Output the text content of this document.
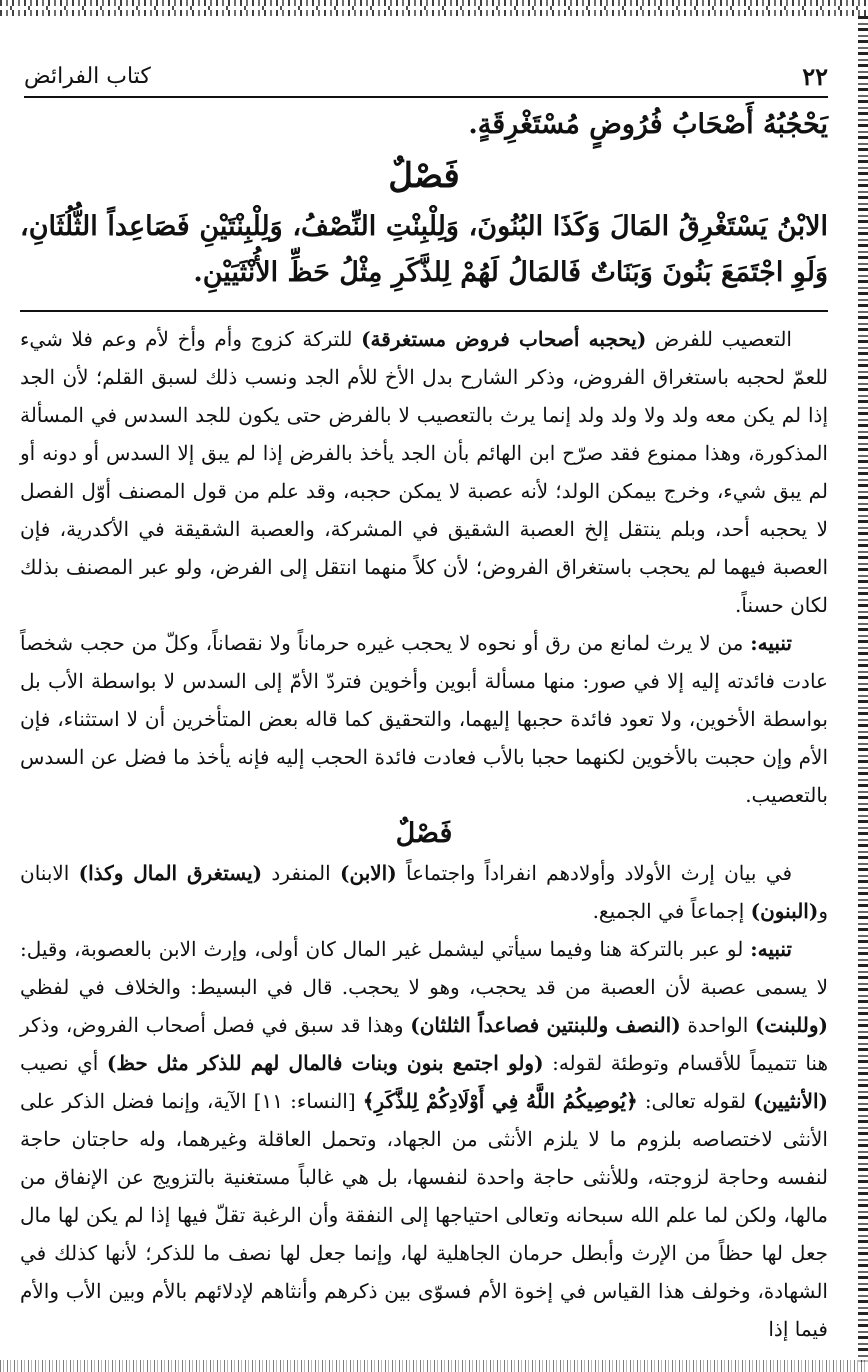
٢٢
كتاب الفرائض

يَحْجُبُهُ أَصْحَابُ فُرُوضٍ مُسْتَغْرِقَةٍ.

فَصْلٌ

الابْنُ يَسْتَغْرِقُ المَالَ وَكَذَا البُنُونَ، وَلِلْبِنْتِ النِّصْفُ، وَلِلْبِنْتَيْنِ فَصَاعِداً الثُّلُثَانِ، وَلَوِ اجْتَمَعَ بَنُونَ وَبَنَاتٌ فَالمَالُ لَهُمْ لِلذَّكَرِ مِثْلُ حَظِّ الأُنْثَيَيْنِ.

التعصيب للفرض (يحجبه أصحاب فروض مستغرقة) للتركة كزوج وأم وأخ لأم وعم فلا شيء للعمّ لحجبه باستغراق الفروض، وذكر الشارح بدل الأخ للأم الجد ونسب ذلك لسبق القلم؛ لأن الجد إذا لم يكن معه ولد ولا ولد ولد إنما يرث بالتعصيب لا بالفرض حتى يكون للجد السدس في المسألة المذكورة، وهذا ممنوع فقد صرّح ابن الهائم بأن الجد يأخذ بالفرض إذا لم يبق إلا السدس أو دونه أو لم يبق شيء، وخرج بيمكن الولد؛ لأنه عصبة لا يمكن حجبه، وقد علم من قول المصنف أوّل الفصل لا يحجبه أحد، وبلم ينتقل إلخ العصبة الشقيق في المشركة، والعصبة الشقيقة في الأكدرية، فإن العصبة فيهما لم يحجب باستغراق الفروض؛ لأن كلاً منهما انتقل إلى الفرض، ولو عبر المصنف بذلك لكان حسناً.

تنبيه: من لا يرث لمانع من رق أو نحوه لا يحجب غيره حرماناً ولا نقصاناً، وكلّ من حجب شخصاً عادت فائدته إليه إلا في صور: منها مسألة أبوين وأخوين فتردّ الأمّ إلى السدس لا بواسطة الأب بل بواسطة الأخوين، ولا تعود فائدة حجبها إليهما، والتحقيق كما قاله بعض المتأخرين أن لا استثناء، فإن الأم وإن حجبت بالأخوين لكنهما حجبا بالأب فعادت فائدة الحجب إليه فإنه يأخذ ما فضل عن السدس بالتعصيب.

فَصْلٌ

في بيان إرث الأولاد وأولادهم انفراداً واجتماعاً (الابن) المنفرد (يستغرق المال وكذا) الابنان و(البنون) إجماعاً في الجميع.

تنبيه: لو عبر بالتركة هنا وفيما سيأتي ليشمل غير المال كان أولى، وإرث الابن بالعصوبة، وقيل: لا يسمى عصبة لأن العصبة من قد يحجب، وهو لا يحجب. قال في البسيط: والخلاف في لفظي (وللبنت) الواحدة (النصف وللبنتين فصاعداً الثلثان) وهذا قد سبق في فصل أصحاب الفروض، وذكر هنا تتميماً للأقسام وتوطئة لقوله: (ولو اجتمع بنون وبنات فالمال لهم للذكر مثل حظ) أي نصيب (الأنثيين) لقوله تعالى: ﴿يُوصِيكُمُ اللَّهُ فِي أَوْلَادِكُمْ لِلذَّكَرِ﴾ [النساء: ١١] الآية، وإنما فضل الذكر على الأنثى لاختصاصه بلزوم ما لا يلزم الأنثى من الجهاد، وتحمل العاقلة وغيرهما، وله حاجتان حاجة لنفسه وحاجة لزوجته، وللأنثى حاجة واحدة لنفسها، بل هي غالباً مستغنية بالتزويج عن الإنفاق من مالها، ولكن لما علم الله سبحانه وتعالى احتياجها إلى النفقة وأن الرغبة تقلّ فيها إذا لم يكن لها مال جعل لها حظاً من الإرث وأبطل حرمان الجاهلية لها، وإنما جعل لها نصف ما للذكر؛ لأنها كذلك في الشهادة، وخولف هذا القياس في إخوة الأم فسوّى بين ذكرهم وأنثاهم لإدلائهم بالأم وبين الأب والأم فيما إذا
